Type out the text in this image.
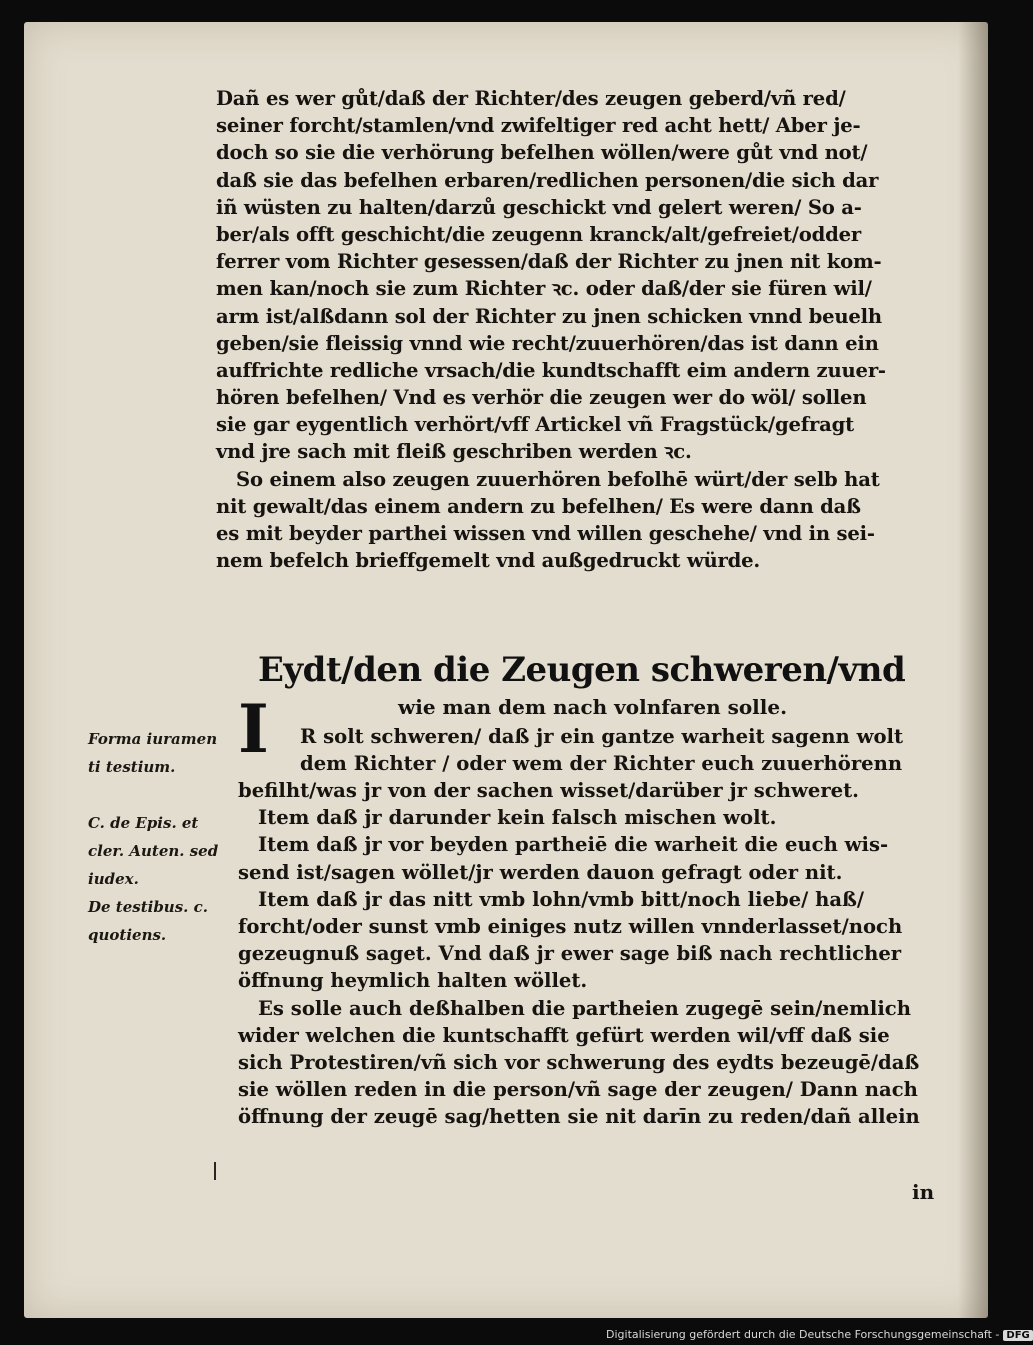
Dañ es wer gůt/daß der Richter/des zeugen geberd/vñ red/
seiner forcht/stamlen/vnd zwifeltiger red acht hett/ Aber je-
doch so sie die verhörung befelhen wöllen/were gůt vnd not/
daß sie das befelhen erbaren/redlichen personen/die sich dar
iñ wüsten zu halten/darzů geschickt vnd gelert weren/ So a-
ber/als offt geschicht/die zeugenn kranck/alt/gefreiet/odder
ferrer vom Richter gesessen/daß der Richter zu jnen nit kom-
men kan/noch sie zum Richter ꝛc. oder daß/der sie füren wil/
arm ist/alßdann sol der Richter zu jnen schicken vnnd beuelh
geben/sie fleissig vnnd wie recht/zuuerhören/das ist dann ein
auffrichte redliche vrsach/die kundtschafft eim andern zuuer-
hören befelhen/ Vnd es verhör die zeugen wer do wöl/ sollen
sie gar eygentlich verhört/vff Artickel vñ Fragstück/gefragt
vnd jre sach mit fleiß geschriben werden ꝛc.
So einem also zeugen zuuerhören befolhē würt/der selb hat
nit gewalt/das einem andern zu befelhen/ Es were dann daß
es mit beyder parthei wissen vnd willen geschehe/ vnd in sei-
nem befelch brieffgemelt vnd außgedruckt würde.
Eydt/den die Zeugen schweren/vnd
wie man dem nach volnfaren solle.
I R solt schweren/ daß jr ein gantze warheit sagenn wolt
dem Richter / oder wem der Richter euch zuuerhörenn
befilht/was jr von der sachen wisset/darüber jr schweret.
Item daß jr darunder kein falsch mischen wolt.
Item daß jr vor beyden partheiē die warheit die euch wis-
send ist/sagen wöllet/jr werden dauon gefragt oder nit.
Item daß jr das nitt vmb lohn/vmb bitt/noch liebe/ haß/
forcht/oder sunst vmb einiges nutz willen vnnderlasset/noch
gezeugnuß saget. Vnd daß jr ewer sage biß nach rechtlicher
öffnung heymlich halten wöllet.
Es solle auch deßhalben die partheien zugegē sein/nemlich
wider welchen die kuntschafft gefürt werden wil/vff daß sie
sich Protestiren/vñ sich vor schwerung des eydts bezeugē/daß
sie wöllen reden in die person/vñ sage der zeugen/ Dann nach
öffnung der zeugē sag/hetten sie nit darīn zu reden/dañ allein
Forma iuramen
ti testium.
C. de Epis. et
cler. Auten. sed
iudex.
De testibus. c.
quotiens.
in
Digitalisierung gefördert durch die Deutsche Forschungsgemeinschaft - DFG
